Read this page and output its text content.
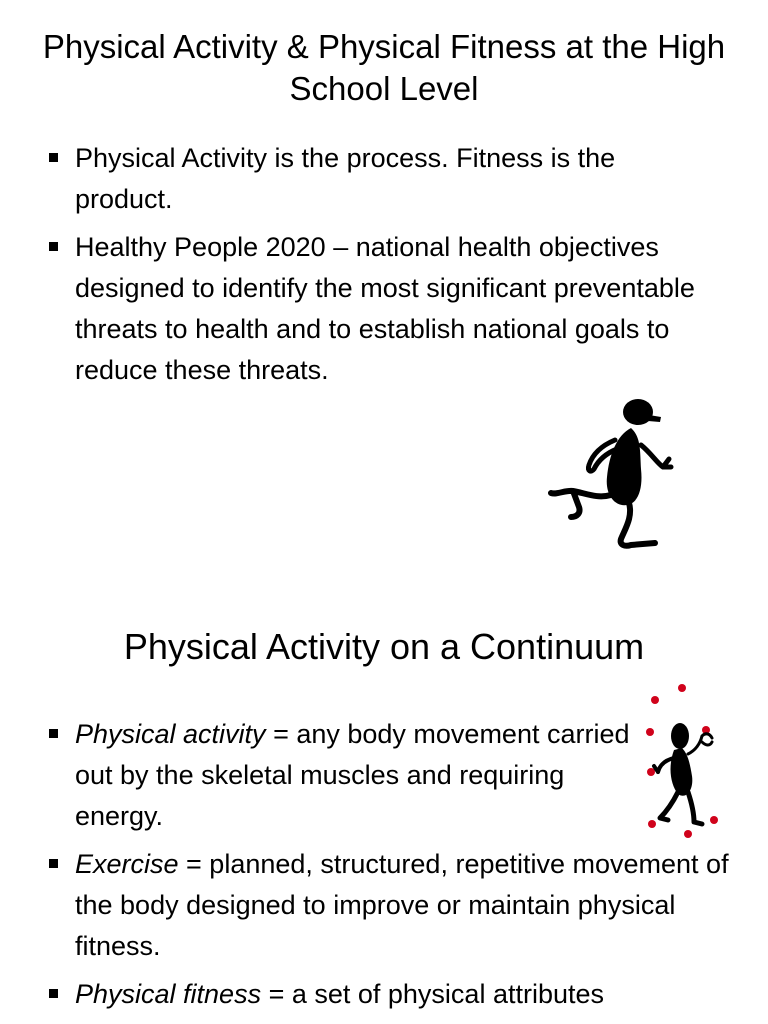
Physical Activity & Physical Fitness at the High School Level
Physical Activity is the process. Fitness is the product.
Healthy People 2020 – national health objectives designed to identify the most significant preventable threats to health and to establish national goals to reduce these threats.
Physical Activity on a Continuum
Physical activity = any body movement carried out by the skeletal muscles and requiring energy.
Exercise = planned, structured, repetitive movement of the body designed to improve or maintain physical fitness.
Physical fitness = a set of physical attributes
